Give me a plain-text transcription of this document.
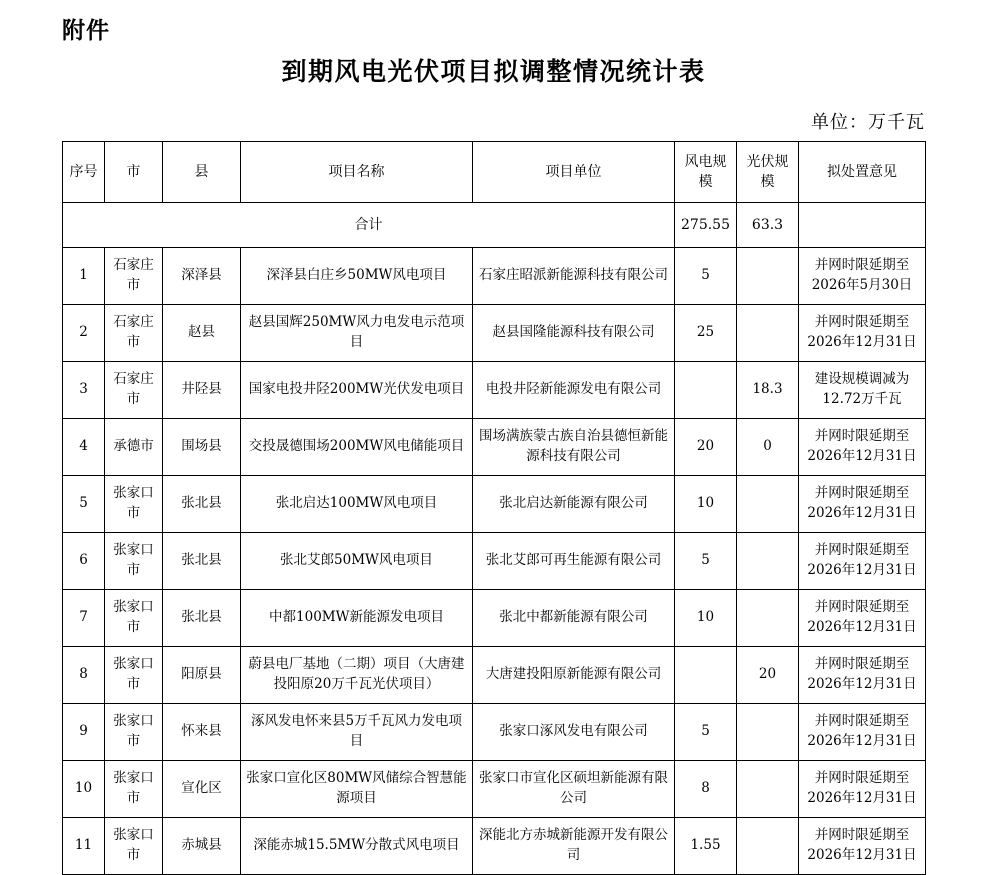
附件
到期风电光伏项目拟调整情况统计表
单位：万千瓦
序号	市	县	项目名称	项目单位	风电规模	光伏规模	拟处置意见
合计					275.55	63.3	
1	石家庄市	深泽县	深泽县白庄乡50MW风电项目	石家庄昭派新能源科技有限公司	5		并网时限延期至2026年5月30日
2	石家庄市	赵县	赵县国辉250MW风力电发电示范项目	赵县国隆能源科技有限公司	25		并网时限延期至2026年12月31日
3	石家庄市	井陉县	国家电投井陉200MW光伏发电项目	电投井陉新能源发电有限公司		18.3	建设规模调减为12.72万千瓦
4	承德市	围场县	交投晟德围场200MW风电储能项目	围场满族蒙古族自治县德恒新能源科技有限公司	20	0	并网时限延期至2026年12月31日
5	张家口市	张北县	张北启达100MW风电项目	张北启达新能源有限公司	10		并网时限延期至2026年12月31日
6	张家口市	张北县	张北艾郎50MW风电项目	张北艾郎可再生能源有限公司	5		并网时限延期至2026年12月31日
7	张家口市	张北县	中都100MW新能源发电项目	张北中都新能源有限公司	10		并网时限延期至2026年12月31日
8	张家口市	阳原县	蔚县电厂基地（二期）项目（大唐建投阳原20万千瓦光伏项目）	大唐建投阳原新能源有限公司		20	并网时限延期至2026年12月31日
9	张家口市	怀来县	涿风发电怀来县5万千瓦风力发电项目	张家口涿风发电有限公司	5		并网时限延期至2026年12月31日
10	张家口市	宣化区	张家口宣化区80MW风储综合智慧能源项目	张家口市宣化区硕坦新能源有限公司	8		并网时限延期至2026年12月31日
11	张家口市	赤城县	深能赤城15.5MW分散式风电项目	深能北方赤城新能源开发有限公司	1.55		并网时限延期至2026年12月31日
